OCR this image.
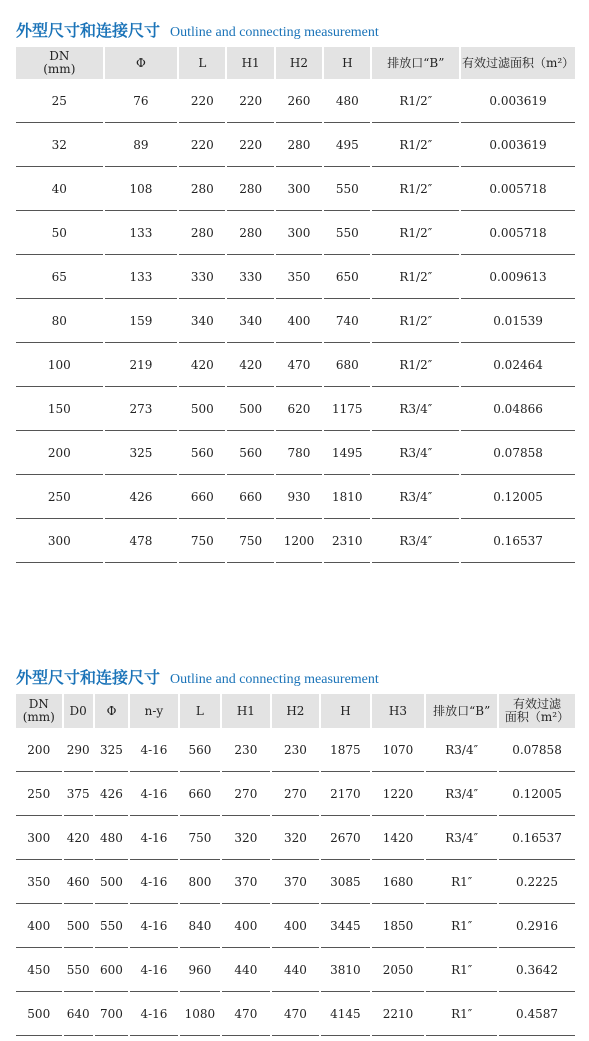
外型尺寸和连接尺寸 Outline and connecting measurement
DN
(mm)	Φ	L	H1	H2	H	排放口“B”	有效过滤面积（m²）
25	76	220	220	260	480	R1/2″	0.003619
32	89	220	220	280	495	R1/2″	0.003619
40	108	280	280	300	550	R1/2″	0.005718
50	133	280	280	300	550	R1/2″	0.005718
65	133	330	330	350	650	R1/2″	0.009613
80	159	340	340	400	740	R1/2″	0.01539
100	219	420	420	470	680	R1/2″	0.02464
150	273	500	500	620	1175	R3/4″	0.04866
200	325	560	560	780	1495	R3/4″	0.07858
250	426	660	660	930	1810	R3/4″	0.12005
300	478	750	750	1200	2310	R3/4″	0.16537
外型尺寸和连接尺寸 Outline and connecting measurement
DN
(mm)	D0	Φ	n-y	L	H1	H2	H	H3	排放口“B”	有效过滤
面积（m²）
200	290	325	4-16	560	230	230	1875	1070	R3/4″	0.07858
250	375	426	4-16	660	270	270	2170	1220	R3/4″	0.12005
300	420	480	4-16	750	320	320	2670	1420	R3/4″	0.16537
350	460	500	4-16	800	370	370	3085	1680	R1″	0.2225
400	500	550	4-16	840	400	400	3445	1850	R1″	0.2916
450	550	600	4-16	960	440	440	3810	2050	R1″	0.3642
500	640	700	4-16	1080	470	470	4145	2210	R1″	0.4587
